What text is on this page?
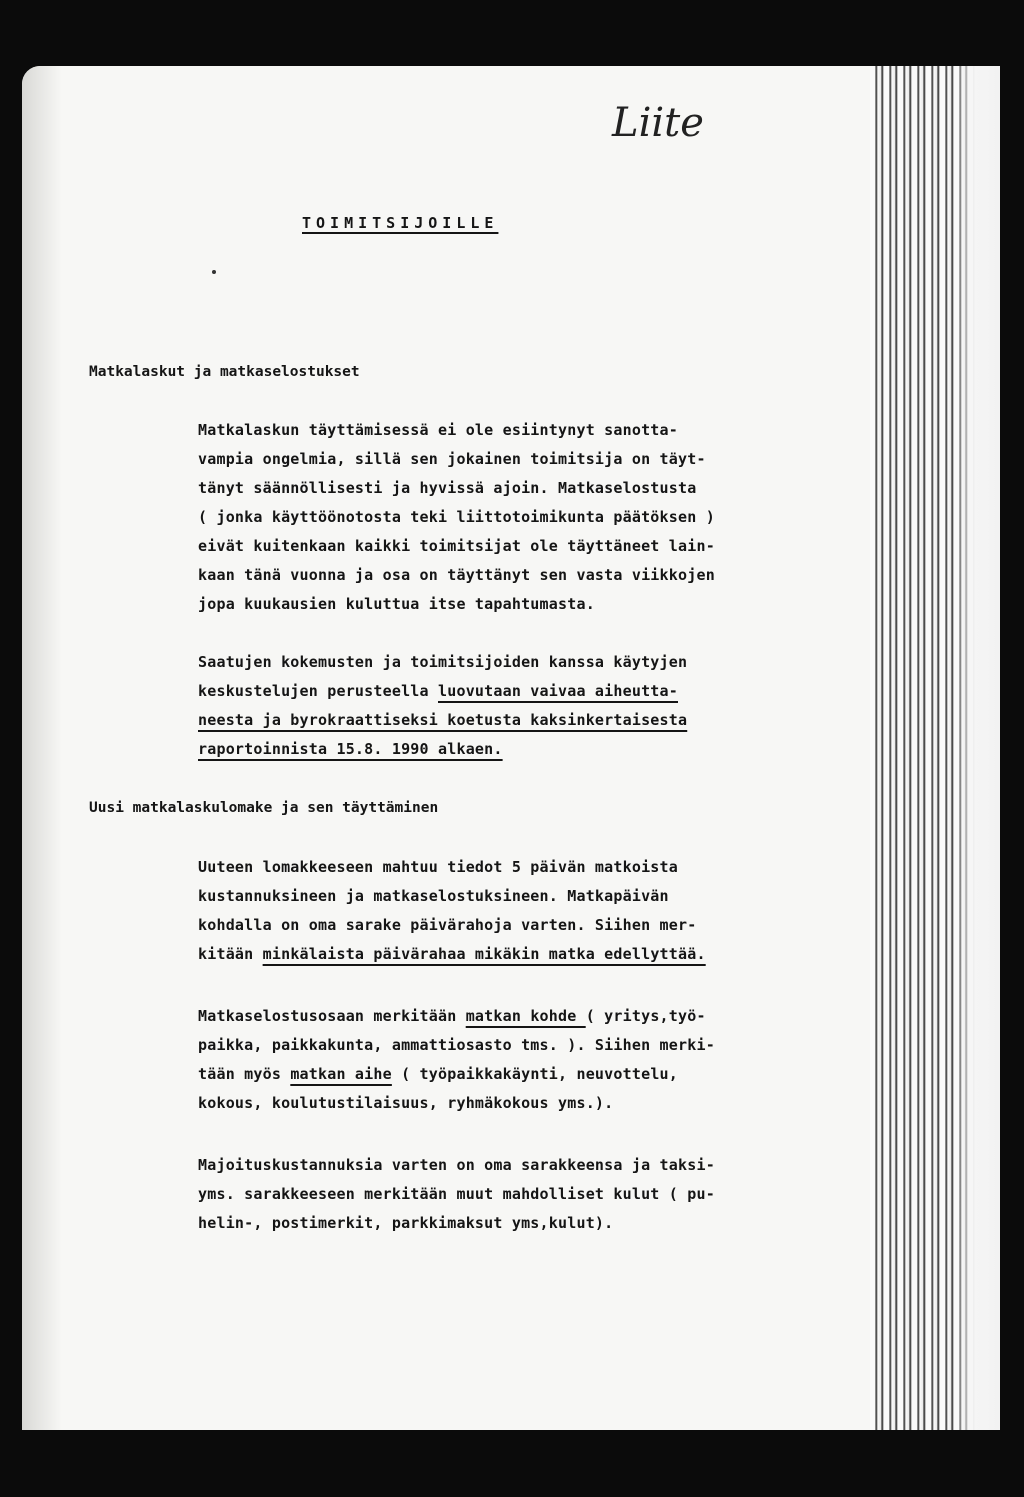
Liite
TOIMITSIJOILLE
Matkalaskut ja matkaselostukset
Matkalaskun täyttämisessä ei ole esiintynyt sanotta-
vampia ongelmia, sillä sen jokainen toimitsija on täyt-
tänyt säännöllisesti ja hyvissä ajoin. Matkaselostusta
( jonka käyttöönotosta teki liittotoimikunta päätöksen )
eivät kuitenkaan kaikki toimitsijat ole täyttäneet lain-
kaan tänä vuonna ja osa on täyttänyt sen vasta viikkojen
jopa kuukausien kuluttua itse tapahtumasta.
Saatujen kokemusten ja toimitsijoiden kanssa käytyjen
keskustelujen perusteella luovutaan vaivaa aiheutta-
neesta ja byrokraattiseksi koetusta kaksinkertaisesta
raportoinnista 15.8. 1990 alkaen.
Uusi matkalaskulomake ja sen täyttäminen
Uuteen lomakkeeseen mahtuu tiedot 5 päivän matkoista
kustannuksineen ja matkaselostuksineen. Matkapäivän
kohdalla on oma sarake päivärahoja varten. Siihen mer-
kitään minkälaista päivärahaa mikäkin matka edellyttää.
Matkaselostusosaan merkitään matkan kohde ( yritys,työ-
paikka, paikkakunta, ammattiosasto tms. ). Siihen merki-
tään myös matkan aihe ( työpaikkakäynti, neuvottelu,
kokous, koulutustilaisuus, ryhmäkokous yms.).
Majoituskustannuksia varten on oma sarakkeensa ja taksi-
yms. sarakkeeseen merkitään muut mahdolliset kulut ( pu-
helin-, postimerkit, parkkimaksut yms,kulut).
